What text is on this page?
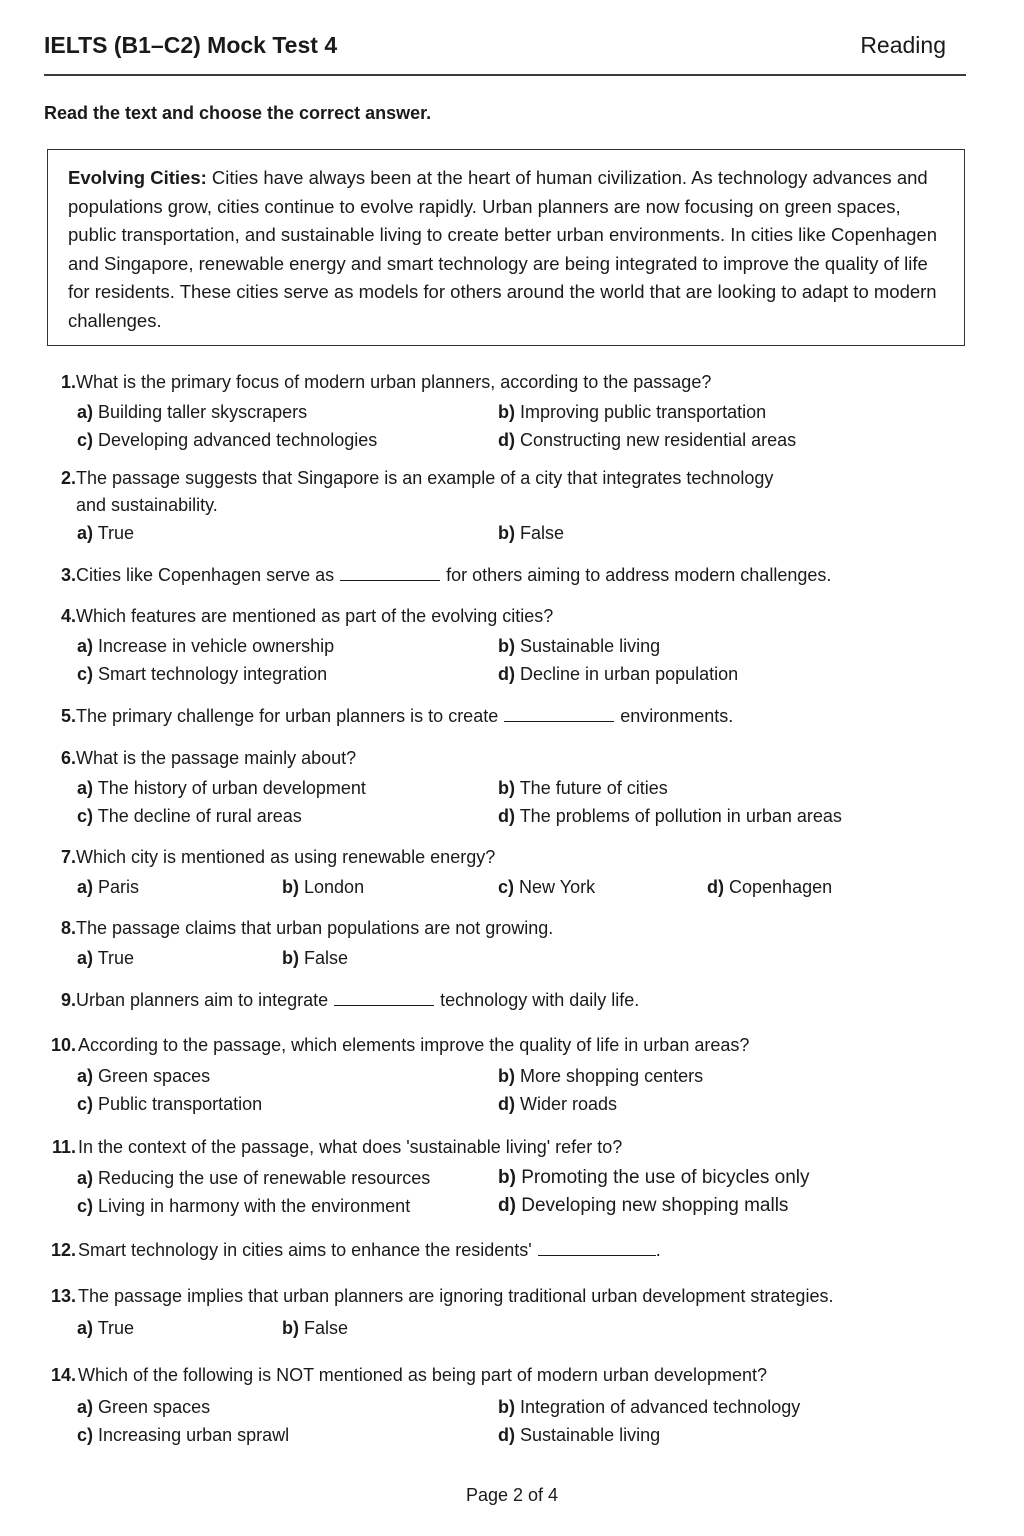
IELTS (B1–C2) Mock Test 4	Reading
Read the text and choose the correct answer.
Evolving Cities: Cities have always been at the heart of human civilization. As technology advances and populations grow, cities continue to evolve rapidly. Urban planners are now focusing on green spaces, public transportation, and sustainable living to create better urban environments. In cities like Copenhagen and Singapore, renewable energy and smart technology are being integrated to improve the quality of life for residents. These cities serve as models for others around the world that are looking to adapt to modern challenges.
1. What is the primary focus of modern urban planners, according to the passage?
a) Building taller skyscrapers	b) Improving public transportation
c) Developing advanced technologies	d) Constructing new residential areas
2. The passage suggests that Singapore is an example of a city that integrates technology
and sustainability.
a) True	b) False
3. Cities like Copenhagen serve as	for others aiming to address modern challenges.
4. Which features are mentioned as part of the evolving cities?
a) Increase in vehicle ownership	b) Sustainable living
c) Smart technology integration	d) Decline in urban population
5. The primary challenge for urban planners is to create	environments.
6. What is the passage mainly about?
a) The history of urban development	b) The future of cities
c) The decline of rural areas	d) The problems of pollution in urban areas
7. Which city is mentioned as using renewable energy?
a) Paris	b) London	c) New York	d) Copenhagen
8. The passage claims that urban populations are not growing.
a) True	b) False
9. Urban planners aim to integrate	technology with daily life.
10. According to the passage, which elements improve the quality of life in urban areas?
a) Green spaces	b) More shopping centers
c) Public transportation	d) Wider roads
11. In the context of the passage, what does 'sustainable living' refer to?
a) Reducing the use of renewable resources	b) Promoting the use of bicycles only
c) Living in harmony with the environment	d) Developing new shopping malls
12. Smart technology in cities aims to enhance the residents'	.
13. The passage implies that urban planners are ignoring traditional urban development strategies.
a) True	b) False
14. Which of the following is NOT mentioned as being part of modern urban development?
a) Green spaces	b) Integration of advanced technology
c) Increasing urban sprawl	d) Sustainable living
Page 2 of 4
